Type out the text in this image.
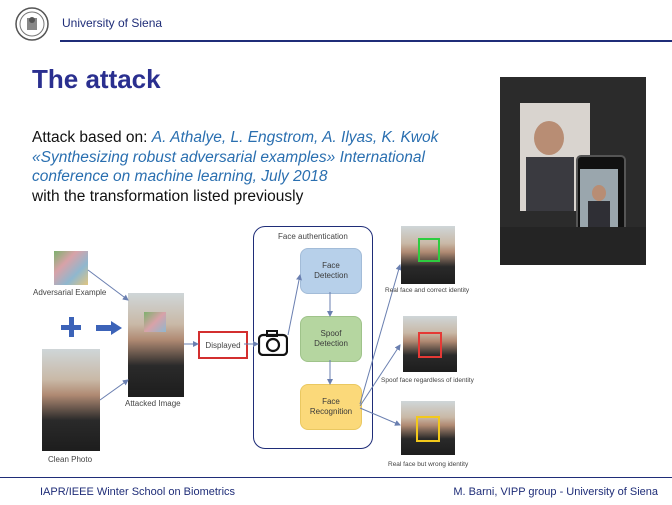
University of Siena
The attack
Attack based on: A. Athalye, L. Engstrom, A. Ilyas, K. Kwok «Synthesizing robust adversarial examples» International conference on machine learning, July 2018
with the transformation listed previously
Adversarial Example
Clean Photo
Attacked Image
Displayed
Face authentication
Face Detection
Spoof Detection
Face Recognition
Real face and correct identity
Spoof face regardless of identity
Real face but wrong identity
IAPR/IEEE Winter School on Biometrics	M. Barni, VIPP group - University of Siena
